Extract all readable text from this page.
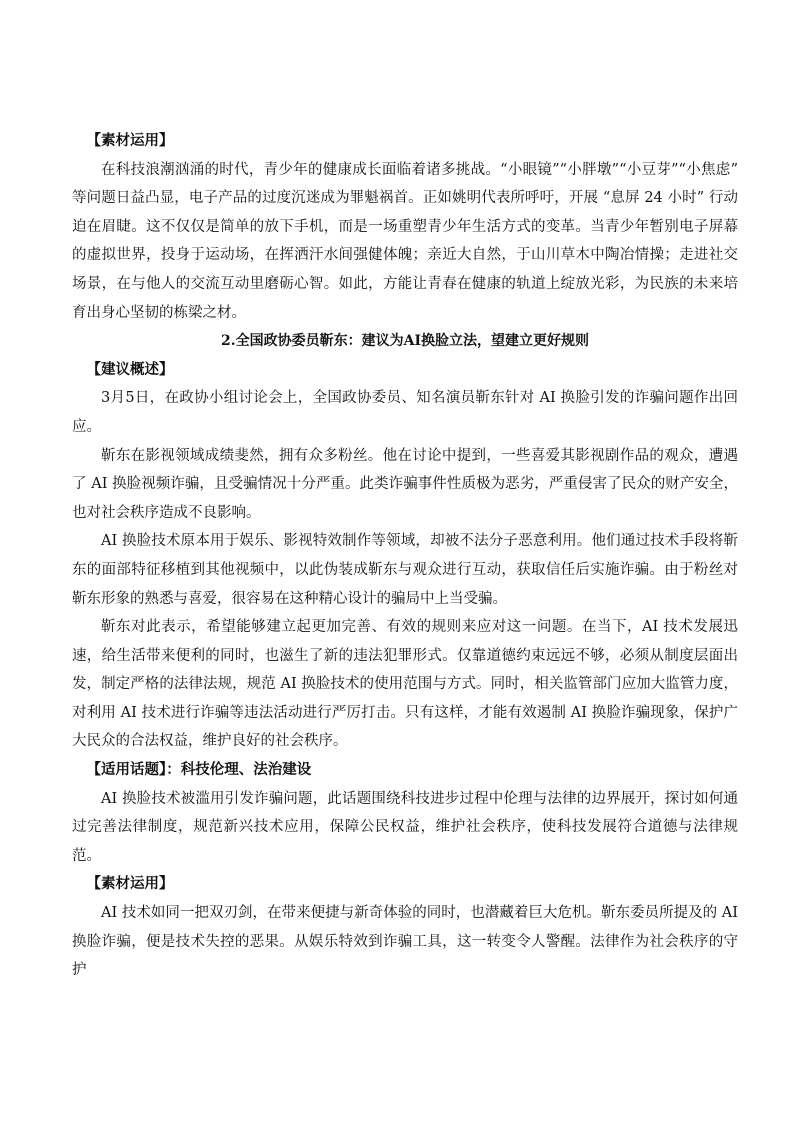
【素材运用】

在科技浪潮汹涌的时代，青少年的健康成长面临着诸多挑战。“小眼镜”“小胖墩”“小豆芽”“小焦虑” 等问题日益凸显，电子产品的过度沉迷成为罪魁祸首。正如姚明代表所呼吁，开展 “息屏 24 小时” 行动迫在眉睫。这不仅仅是简单的放下手机，而是一场重塑青少年生活方式的变革。当青少年暂别电子屏幕的虚拟世界，投身于运动场，在挥洒汗水间强健体魄；亲近大自然，于山川草木中陶冶情操；走进社交场景，在与他人的交流互动里磨砺心智。如此，方能让青春在健康的轨道上绽放光彩，为民族的未来培育出身心坚韧的栋梁之材。

2.全国政协委员靳东：建议为AI换脸立法，望建立更好规则

【建议概述】

3月5日，在政协小组讨论会上，全国政协委员、知名演员靳东针对 AI 换脸引发的诈骗问题作出回应。

靳东在影视领域成绩斐然，拥有众多粉丝。他在讨论中提到，一些喜爱其影视剧作品的观众，遭遇了 AI 换脸视频诈骗，且受骗情况十分严重。此类诈骗事件性质极为恶劣，严重侵害了民众的财产安全，也对社会秩序造成不良影响。

AI 换脸技术原本用于娱乐、影视特效制作等领域，却被不法分子恶意利用。他们通过技术手段将靳东的面部特征移植到其他视频中，以此伪装成靳东与观众进行互动，获取信任后实施诈骗。由于粉丝对靳东形象的熟悉与喜爱，很容易在这种精心设计的骗局中上当受骗。

靳东对此表示，希望能够建立起更加完善、有效的规则来应对这一问题。在当下，AI 技术发展迅速，给生活带来便利的同时，也滋生了新的违法犯罪形式。仅靠道德约束远远不够，必须从制度层面出发，制定严格的法律法规，规范 AI 换脸技术的使用范围与方式。同时，相关监管部门应加大监管力度，对利用 AI 技术进行诈骗等违法活动进行严厉打击。只有这样，才能有效遏制 AI 换脸诈骗现象，保护广大民众的合法权益，维护良好的社会秩序。

【适用话题】：科技伦理、法治建设

AI 换脸技术被滥用引发诈骗问题，此话题围绕科技进步过程中伦理与法律的边界展开，探讨如何通过完善法律制度，规范新兴技术应用，保障公民权益，维护社会秩序，使科技发展符合道德与法律规范。

【素材运用】

AI 技术如同一把双刃剑，在带来便捷与新奇体验的同时，也潜藏着巨大危机。靳东委员所提及的 AI 换脸诈骗，便是技术失控的恶果。从娱乐特效到诈骗工具，这一转变令人警醒。法律作为社会秩序的守护
